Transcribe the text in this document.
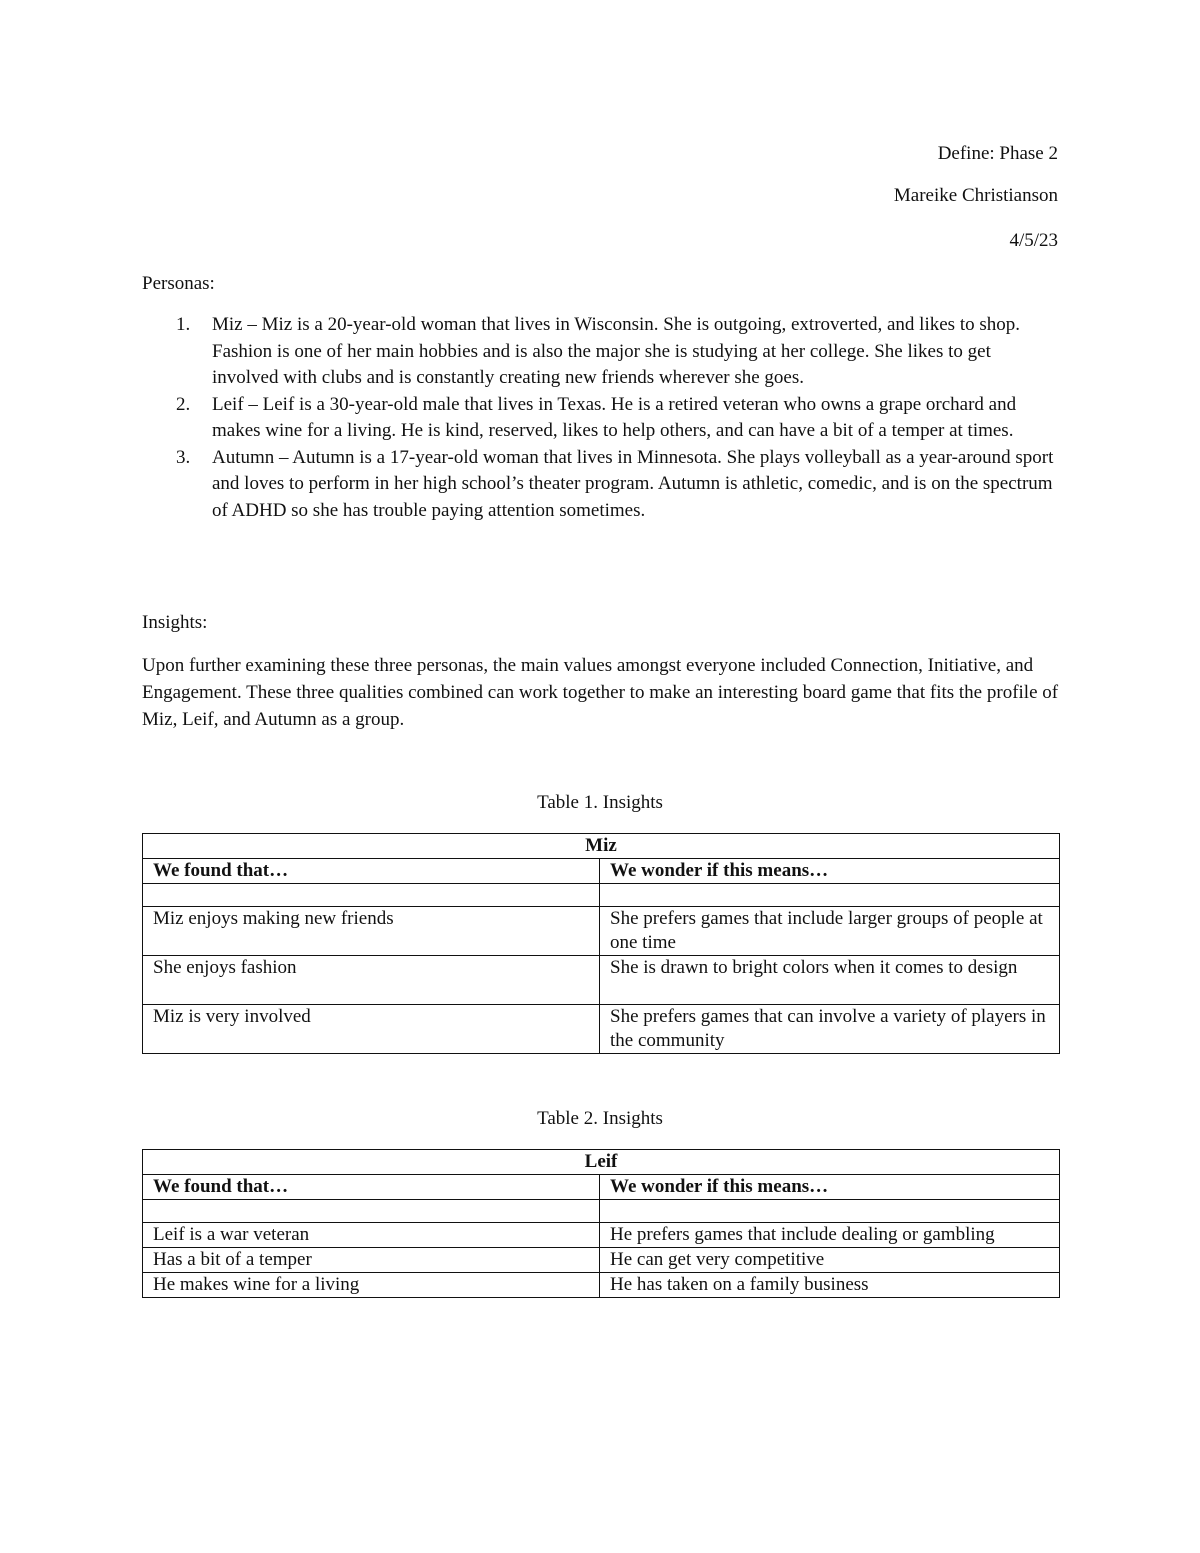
Define: Phase 2
Mareike Christianson
4/5/23
Personas:
1. Miz – Miz is a 20-year-old woman that lives in Wisconsin. She is outgoing, extroverted, and likes to shop. Fashion is one of her main hobbies and is also the major she is studying at her college. She likes to get involved with clubs and is constantly creating new friends wherever she goes.
2. Leif – Leif is a 30-year-old male that lives in Texas. He is a retired veteran who owns a grape orchard and makes wine for a living. He is kind, reserved, likes to help others, and can have a bit of a temper at times.
3. Autumn – Autumn is a 17-year-old woman that lives in Minnesota. She plays volleyball as a year-around sport and loves to perform in her high school’s theater program. Autumn is athletic, comedic, and is on the spectrum of ADHD so she has trouble paying attention sometimes.
Insights:

Upon further examining these three personas, the main values amongst everyone included Connection, Initiative, and Engagement. These three qualities combined can work together to make an interesting board game that fits the profile of Miz, Leif, and Autumn as a group.

Table 1. Insights
Miz	
We found that…	We wonder if this means…

Miz enjoys making new friends	She prefers games that include larger groups of people at one time
She enjoys fashion	She is drawn to bright colors when it comes to design
Miz is very involved	She prefers games that can involve a variety of players in the community
Table 2. Insights
Leif	
We found that…	We wonder if this means…

Leif is a war veteran	He prefers games that include dealing or gambling
Has a bit of a temper	He can get very competitive
He makes wine for a living	He has taken on a family business
